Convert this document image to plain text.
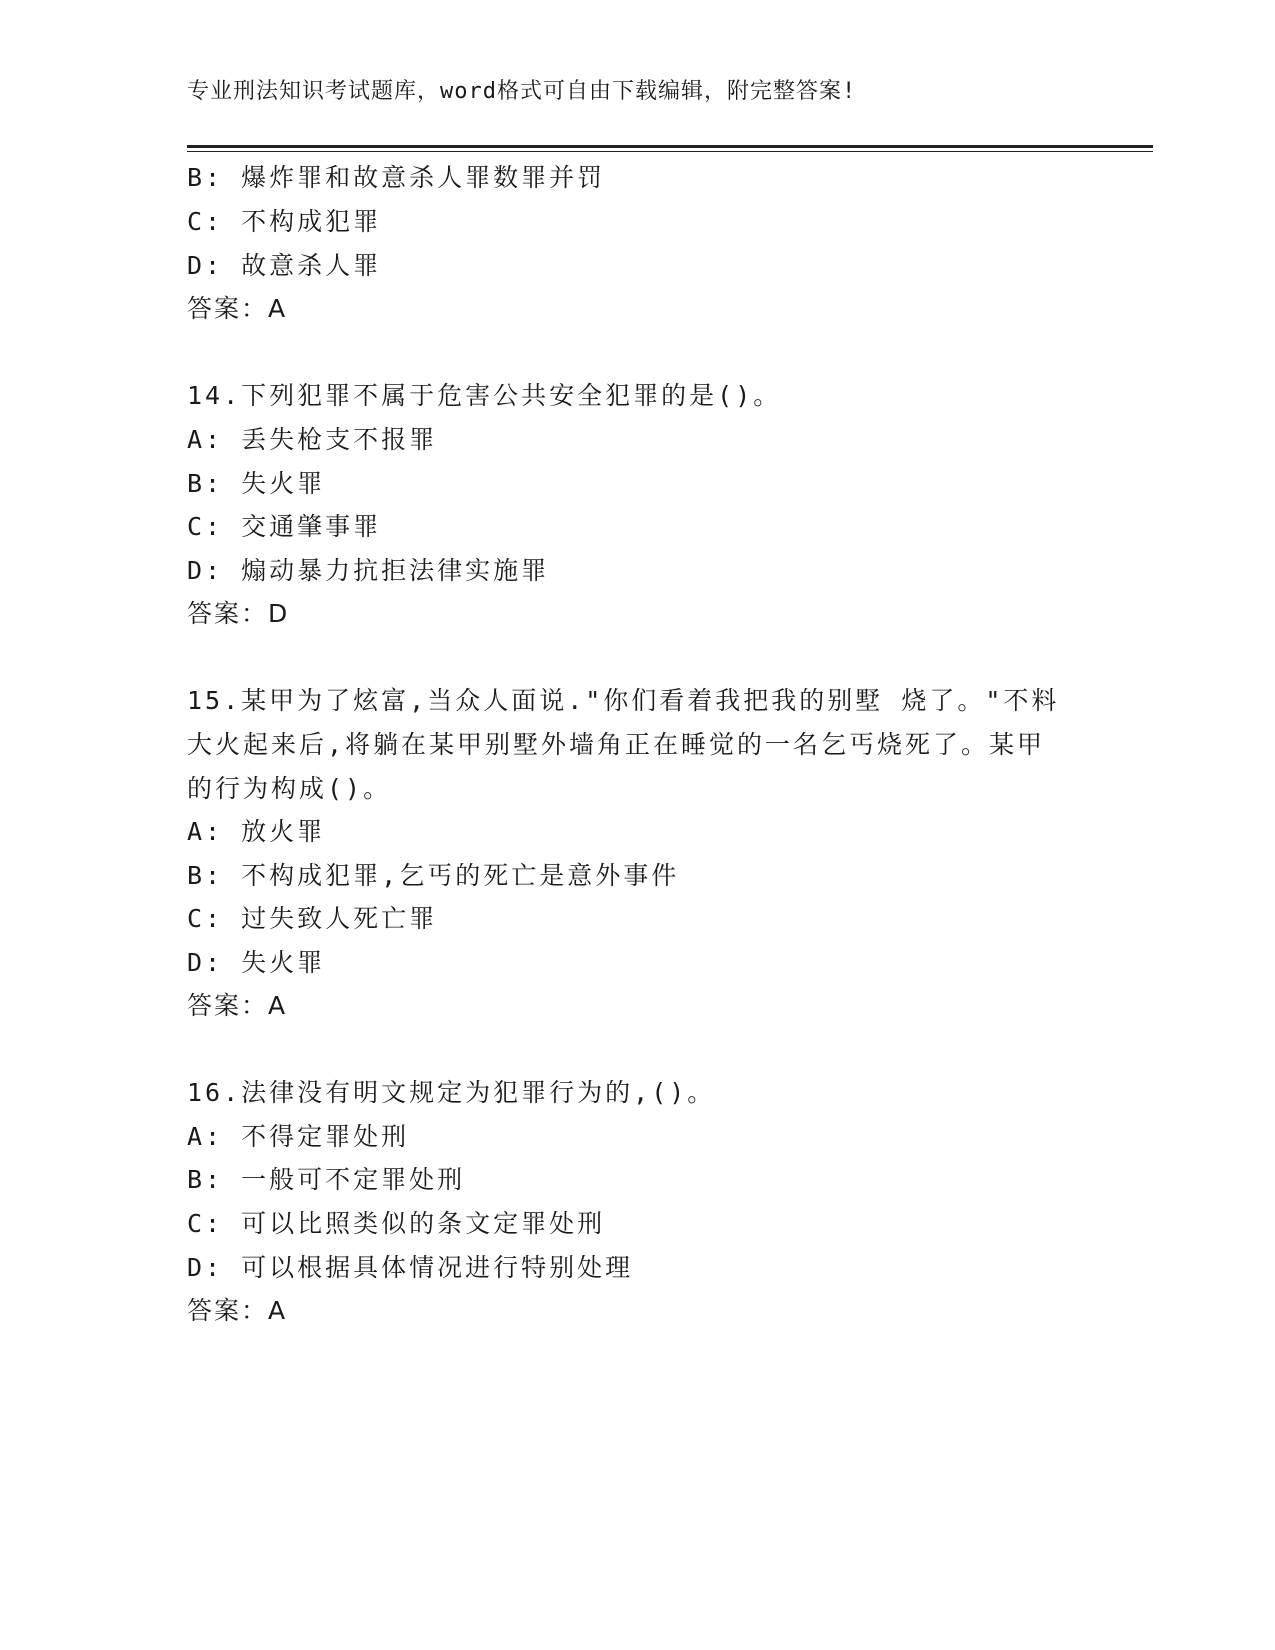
专业刑法知识考试题库，word格式可自由下载编辑，附完整答案!
B: 爆炸罪和故意杀人罪数罪并罚
C: 不构成犯罪
D: 故意杀人罪
答案：A
14.下列犯罪不属于危害公共安全犯罪的是()。
A: 丢失枪支不报罪
B: 失火罪
C: 交通肇事罪
D: 煽动暴力抗拒法律实施罪
答案：D
15.某甲为了炫富,当众人面说."你们看着我把我的别墅 烧了。"不料
大火起来后,将躺在某甲别墅外墙角正在睡觉的一名乞丐烧死了。某甲
的行为构成()。
A: 放火罪
B: 不构成犯罪,乞丐的死亡是意外事件
C: 过失致人死亡罪
D: 失火罪
答案：A
16.法律没有明文规定为犯罪行为的,()。
A: 不得定罪处刑
B: 一般可不定罪处刑
C: 可以比照类似的条文定罪处刑
D: 可以根据具体情况进行特别处理
答案：A
